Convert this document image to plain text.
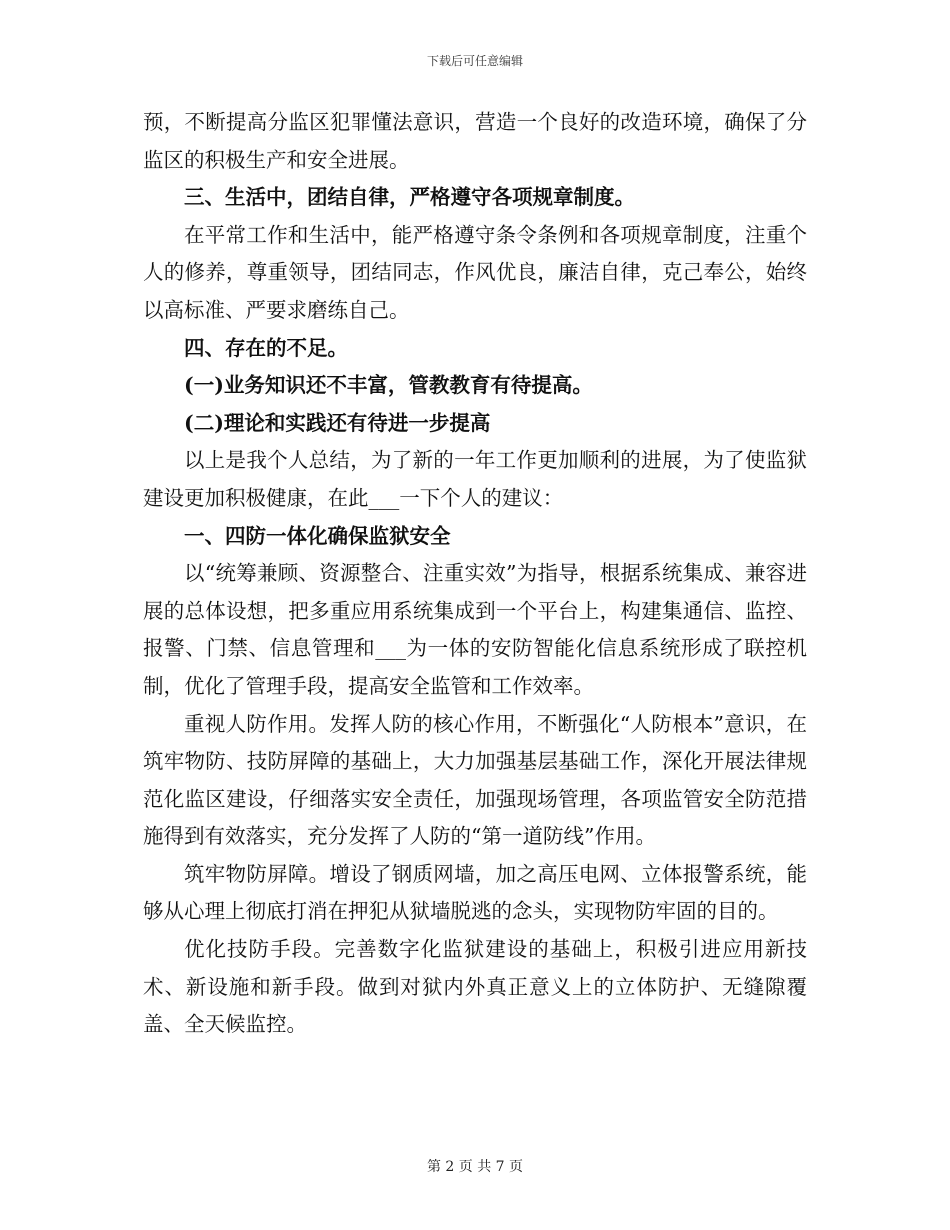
下载后可任意编辑

预，不断提高分监区犯罪懂法意识，营造一个良好的改造环境，确保了分监区的积极生产和安全进展。

三、生活中，团结自律，严格遵守各项规章制度。

在平常工作和生活中，能严格遵守条令条例和各项规章制度，注重个人的修养，尊重领导，团结同志，作风优良，廉洁自律，克己奉公，始终以高标准、严要求磨练自己。

四、存在的不足。

(一)业务知识还不丰富，管教教育有待提高。

(二)理论和实践还有待进一步提高

以上是我个人总结，为了新的一年工作更加顺利的进展，为了使监狱建设更加积极健康，在此___一下个人的建议：

一、四防一体化确保监狱安全

以“统筹兼顾、资源整合、注重实效”为指导，根据系统集成、兼容进展的总体设想，把多重应用系统集成到一个平台上，构建集通信、监控、报警、门禁、信息管理和___为一体的安防智能化信息系统形成了联控机制，优化了管理手段，提高安全监管和工作效率。

重视人防作用。发挥人防的核心作用，不断强化“人防根本”意识，在筑牢物防、技防屏障的基础上，大力加强基层基础工作，深化开展法律规范化监区建设，仔细落实安全责任，加强现场管理，各项监管安全防范措施得到有效落实，充分发挥了人防的“第一道防线”作用。

筑牢物防屏障。增设了钢质网墙，加之高压电网、立体报警系统，能够从心理上彻底打消在押犯从狱墙脱逃的念头，实现物防牢固的目的。

优化技防手段。完善数字化监狱建设的基础上，积极引进应用新技术、新设施和新手段。做到对狱内外真正意义上的立体防护、无缝隙覆盖、全天候监控。

第 2 页 共 7 页
